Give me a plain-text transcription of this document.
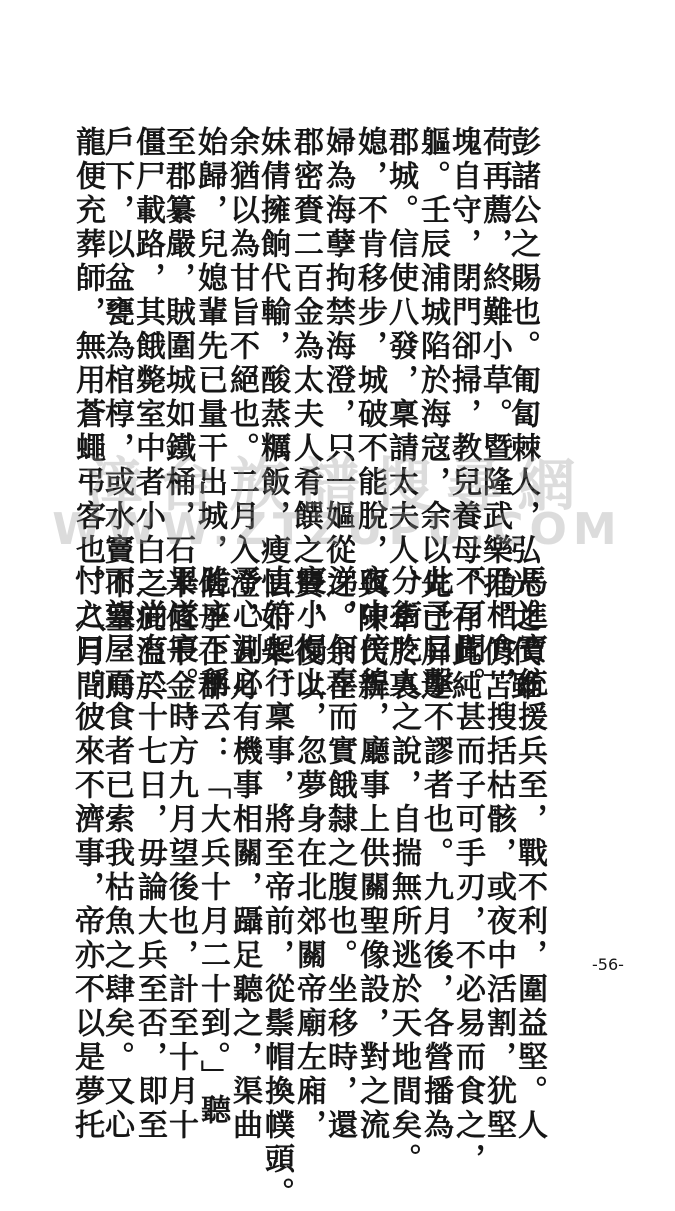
彭諸公之賜也。匍匐棘人，弘光之代雖
荷再薦，終難小草。暨隆武樂推，仍苫
塊自守，閉門卻掃，教兒養母，存此純
軀。壬辰浦城陷於海寇，余以先已屏迹
郡城。信使八發，稟請太夫人，牽於裏
媳，不肯移步，城破不能脫，與陳氏新
婦為海孽拘禁海澄，只一嫗從之。余在
郡密賚二百金為太夫人肴饌之費，復以
妹倩擁餉代輸，酸蒸糲飯，瘦怯如柴，
余猶以為甘旨不絕也。二月入澄，五月
始歸，兒媳輩先已量干出城，偕予在郡。
至郡纂嚴，賊圍城如鐵桶，石米值千金，
僵尸載路，其餓斃室中者小白之疵溢於
戶下，以盆甕為棺椁，或水竇不塞，烏
龍便充葬師，無用蒼蠅弔客也。八月間，
馬進寶統援兵至，戰不利，圍益堅。人
乃相食，搜括枯骸，或夜中活割，犹堅
不可聞。甚而子可手刃，不必易而食之，
此予目擊不謬者也。九月後，各營播為
分街吃人之說，自揣無所逃於天地間矣。
夜中傍徨，廳事上供關聖像設，對之流
涕，何辜而實餓隸之腹也。坐移時，還
寢小榻上，忽夢身在北郊關帝廟左廂，
直符起行稟事，將至帝前，從鬃帽換幞頭。
予心測必有機事相關，躡足聽之，渠曲
跪座下稱云：「大兵十月二十到。」聽
畢遂寢。時方九月望後也，計至十月十
二尚有二十七日，毋論大兵至否，即至
而望屋而食者已索我枯魚之肆矣。又心
忖之曰：彼來不濟事，帝亦不以是夢托
漳台族譜搜尋網
WWW.ZTZUPU.COM
-56-
